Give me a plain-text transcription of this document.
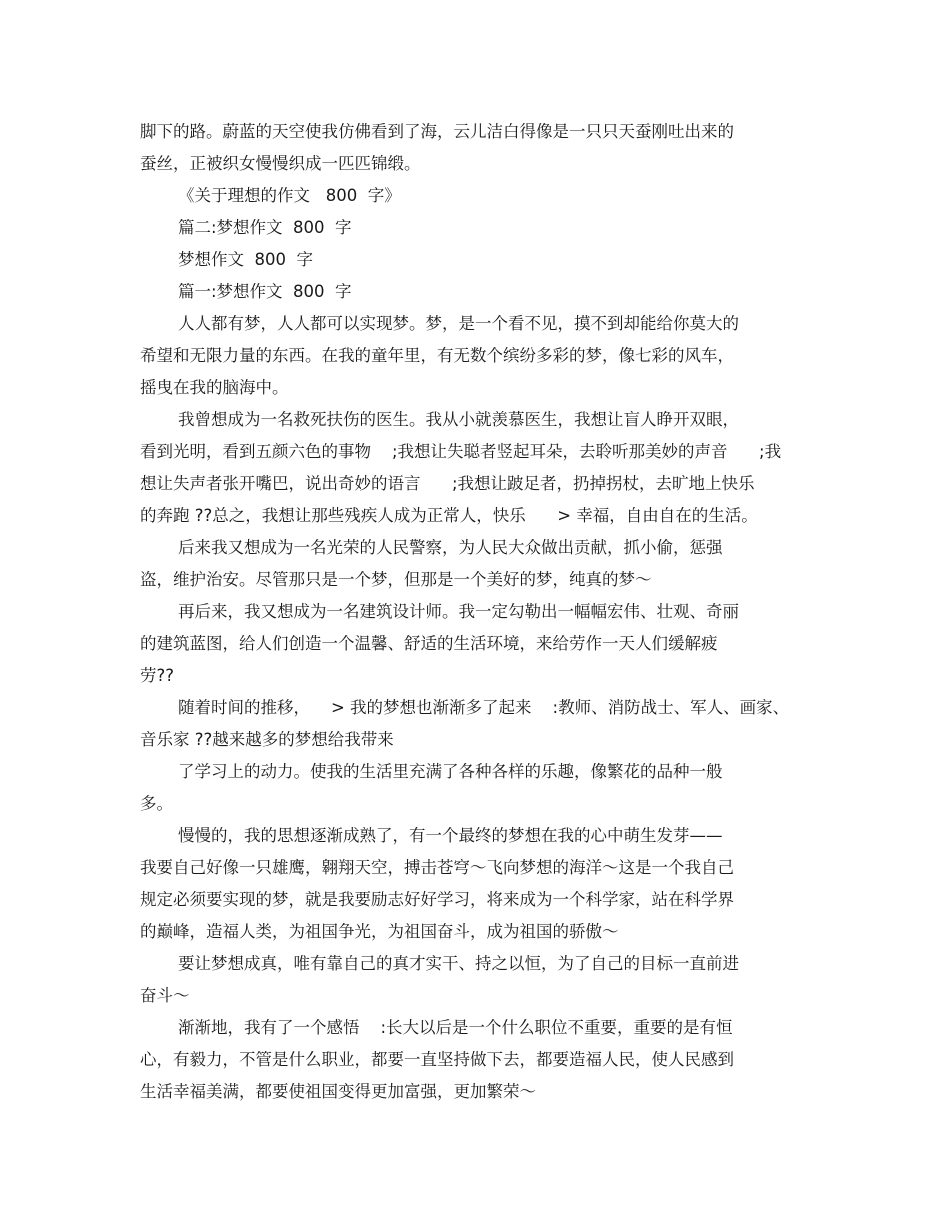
脚下的路。蔚蓝的天空使我仿佛看到了海，云儿洁白得像是一只只天蚕刚吐出来的

蚕丝，正被织女慢慢织成一匹匹锦缎。

《关于理想的作文   800  字》

篇二:梦想作文  800  字

梦想作文  800  字

篇一:梦想作文  800  字

人人都有梦，人人都可以实现梦。梦，是一个看不见，摸不到却能给你莫大的

希望和无限力量的东西。在我的童年里，有无数个缤纷多彩的梦，像七彩的风车，

摇曳在我的脑海中。

我曾想成为一名救死扶伤的医生。我从小就羡慕医生，我想让盲人睁开双眼，

看到光明，看到五颜六色的事物    ;我想让失聪者竖起耳朵，去聆听那美妙的声音      ;我

想让失声者张开嘴巴，说出奇妙的语言      ;我想让跛足者，扔掉拐杖，去旷地上快乐

的奔跑 ??总之，我想让那些残疾人成为正常人，快乐      > 幸福，自由自在的生活。

后来我又想成为一名光荣的人民警察，为人民大众做出贡献，抓小偷，惩强

盗，维护治安。尽管那只是一个梦，但那是一个美好的梦，纯真的梦～

再后来，我又想成为一名建筑设计师。我一定勾勒出一幅幅宏伟、壮观、奇丽

的建筑蓝图，给人们创造一个温馨、舒适的生活环境，来给劳作一天人们缓解疲

劳??

随着时间的推移，    > 我的梦想也渐渐多了起来    :教师、消防战士、军人、画家、

音乐家 ??越来越多的梦想给我带来

了学习上的动力。使我的生活里充满了各种各样的乐趣，像繁花的品种一般

多。

慢慢的，我的思想逐渐成熟了，有一个最终的梦想在我的心中萌生发芽——

我要自己好像一只雄鹰，翱翔天空，搏击苍穹～飞向梦想的海洋～这是一个我自己

规定必须要实现的梦，就是我要励志好好学习，将来成为一个科学家，站在科学界

的巅峰，造福人类，为祖国争光，为祖国奋斗，成为祖国的骄傲～

要让梦想成真，唯有靠自己的真才实干、持之以恒，为了自己的目标一直前进

奋斗～

渐渐地，我有了一个感悟    :长大以后是一个什么职位不重要，重要的是有恒

心，有毅力，不管是什么职业，都要一直坚持做下去，都要造福人民，使人民感到

生活幸福美满，都要使祖国变得更加富强，更加繁荣～
